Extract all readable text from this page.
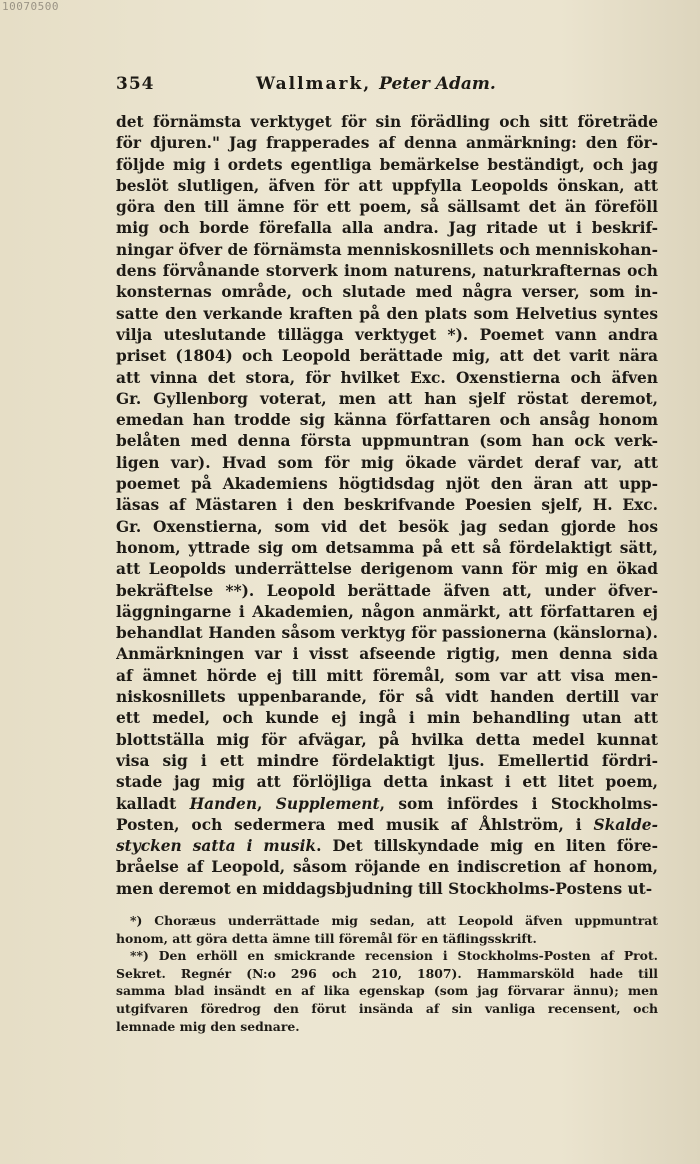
10070500
354	Wallmark, Peter Adam.
det förnämsta verktyget för sin förädling och sitt företräde
för djuren." Jag frapperades af denna anmärkning: den för-
följde mig i ordets egentliga bemärkelse beständigt, och jag
beslöt slutligen, äfven för att uppfylla Leopolds önskan, att
göra den till ämne för ett poem, så sällsamt det än föreföll
mig och borde förefalla alla andra. Jag ritade ut i beskrif-
ningar öfver de förnämsta menniskosnillets och menniskohan-
dens förvånande storverk inom naturens, naturkrafternas och
konsternas område, och slutade med några verser, som in-
satte den verkande kraften på den plats som Helvetius syntes
vilja uteslutande tillägga verktyget *). Poemet vann andra
priset (1804) och Leopold berättade mig, att det varit nära
att vinna det stora, för hvilket Exc. Oxenstierna och äfven
Gr. Gyllenborg voterat, men att han sjelf röstat deremot,
emedan han trodde sig känna författaren och ansåg honom
belåten med denna första uppmuntran (som han ock verk-
ligen var). Hvad som för mig ökade värdet deraf var, att
poemet på Akademiens högtidsdag njöt den äran att upp-
läsas af Mästaren i den beskrifvande Poesien sjelf, H. Exc.
Gr. Oxenstierna, som vid det besök jag sedan gjorde hos
honom, yttrade sig om detsamma på ett så fördelaktigt sätt,
att Leopolds underrättelse derigenom vann för mig en ökad
bekräftelse **). Leopold berättade äfven att, under öfver-
läggningarne i Akademien, någon anmärkt, att författaren ej
behandlat Handen såsom verktyg för passionerna (känslorna).
Anmärkningen var i visst afseende rigtig, men denna sida
af ämnet hörde ej till mitt föremål, som var att visa men-
niskosnillets uppenbarande, för så vidt handen dertill var
ett medel, och kunde ej ingå i min behandling utan att
blottställa mig för afvägar, på hvilka detta medel kunnat
visa sig i ett mindre fördelaktigt ljus. Emellertid fördri-
stade jag mig att förlöjliga detta inkast i ett litet poem,
kalladt Handen, Supplement, som infördes i Stockholms-
Posten, och sedermera med musik af Åhlström, i Skalde-
stycken satta i musik. Det tillskyndade mig en liten före-
bråelse af Leopold, såsom röjande en indiscretion af honom,
men deremot en middagsbjudning till Stockholms-Postens ut-
*) Choræus underrättade mig sedan, att Leopold äfven uppmuntrat
honom, att göra detta ämne till föremål för en täflingsskrift.
**) Den erhöll en smickrande recension i Stockholms-Posten af Prot.
Sekret. Regnér (N:o 296 och 210, 1807). Hammarsköld hade till
samma blad insändt en af lika egenskap (som jag förvarar ännu); men
utgifvaren föredrog den förut insända af sin vanliga recensent, och
lemnade mig den sednare.
